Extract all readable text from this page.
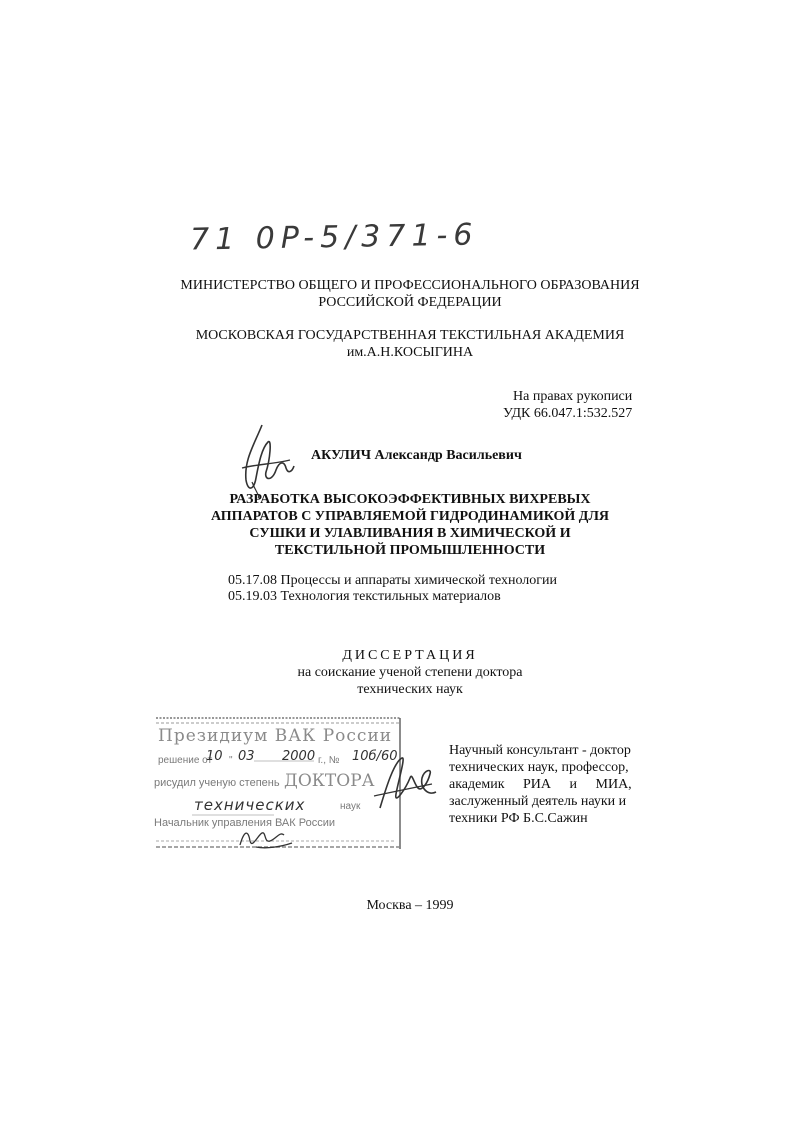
71 0P-5/371-6
МИНИСТЕРСТВО ОБЩЕГО И ПРОФЕССИОНАЛЬНОГО ОБРАЗОВАНИЯ
РОССИЙСКОЙ ФЕДЕРАЦИИ
МОСКОВСКАЯ ГОСУДАРСТВЕННАЯ ТЕКСТИЛЬНАЯ АКАДЕМИЯ
им.А.Н.КОСЫГИНА
На правах рукописи
УДК 66.047.1:532.527
АКУЛИЧ Александр Васильевич
РАЗРАБОТКА ВЫСОКОЭФФЕКТИВНЫХ ВИХРЕВЫХ
АППАРАТОВ С УПРАВЛЯЕМОЙ ГИДРОДИНАМИКОЙ ДЛЯ
СУШКИ И УЛАВЛИВАНИЯ В ХИМИЧЕСКОЙ И
ТЕКСТИЛЬНОЙ ПРОМЫШЛЕННОСТИ
05.17.08 Процессы и аппараты химической технологии
05.19.03 Технология текстильных материалов
ДИССЕРТАЦИЯ
на соискание ученой степени доктора
технических наук
Президиум ВАК России
решение от
10 " 03 2000 г., № 10б/60
рисудил ученую степень ДОКТОРА
технических	наук
Начальник управления ВАК России
Научный консультант - доктор
технических наук, профессор,
академик РИА и МИА,
заслуженный деятель науки и
техники РФ Б.С.Сажин
Москва – 1999
